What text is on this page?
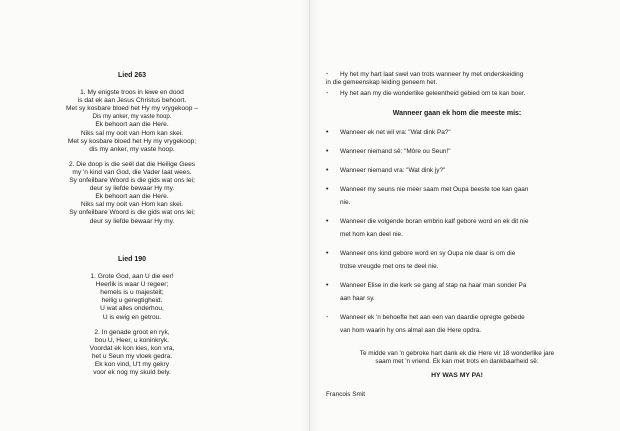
Lied 263
1. My enigste troos in lewe en dood
is dat ek aan Jesus Christus behoort.
Met sy kosbare bloed het Hy my vrygekoop –
Dis my anker, my vaste hoop.
Ek behoort aan die Here.
Niks sal my ooit van Hom kan skei.
Met sy kosbare bloed het Hy my vrygekoop;
dis my anker, my vaste hoop.
2. Die doop is die seël dat die Heilige Gees
my 'n kind van God, die Vader laat wees.
Sy onfeilbare Woord is die gids wat ons lei;
deur sy liefde bewaar Hy my.
Ek behoort aan die Here.
Niks sal my ooit van Hom kan skei.
Sy onfeilbare Woord is die gids wat ons lei;
deur sy liefde bewaar Hy my.
Lied 190
1. Grote God, aan U die eer!
Heerlik is waar U regeer;
hemels is u majesteit;
heilig u geregtigheid.
U wat alles onderhou,
U is ewig en getrou.
2. In genade groot en ryk,
bou U, Heer, u koninkryk.
Voordat ek kon kies, kon vra,
het u Seun my vloek gedra.
Ek kon vind, U't my gekry
voor ek nog my skuld bely.
-	Hy het my hart laat swel van trots wanneer hy met onderskeiding
in die gemeenskap leiding geneem het.
-	Hy het aan my die wonderlike geleentheid gebied om te kan boer.
Wanneer gaan ek hom die meeste mis:
•	Wanneer ek net wil vra: "Wat dink Pa?"
•	Wanneer niemand sê: "Môre ou Seun!"
•	Wanneer niemand vra: "Wat dink jy?"
•	Wanneer my seuns nie meer saam met Oupa beeste toe kan gaan
nie.
•	Wanneer die volgende boran embrio kalf gebore word en ek dit nie
met hom kan deel nie.
•	Wanneer ons kind gebore word en sy Oupa nie daar is om die
trotse vreugde met ons te deel nie.
•	Wanneer Elise in die kerk se gang af stap na haar man sonder Pa
aan haar sy.
-	Wanneer ek 'n behoefte het aan een van daardie opregte gebede
van hom waarin hy ons almal aan die Here opdra.
Te midde van 'n gebroke hart dank ek die Here vir 18 wonderlike jare
saam met 'n vriend. Ek kan met trots en dankbaarheid sê:
HY WAS MY PA!
Francois Smit
